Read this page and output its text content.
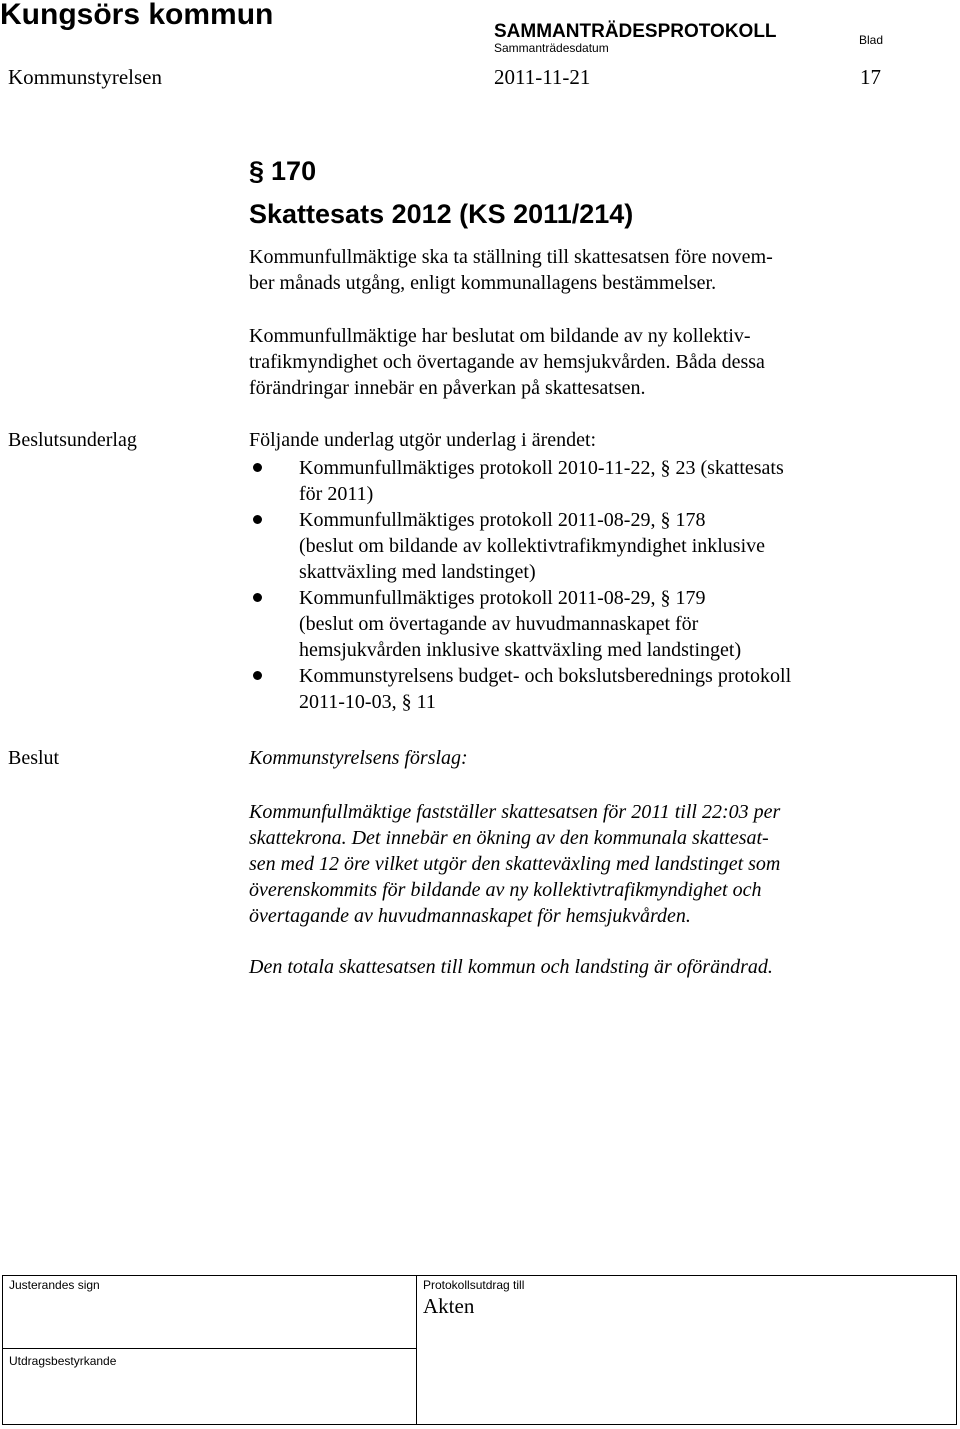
Kungsörs kommun
SAMMANTRÄDESPROTOKOLL
Sammanträdesdatum
Blad
Kommunstyrelsen	2011-11-21	17
§ 170
Skattesats 2012 (KS 2011/214)
Kommunfullmäktige ska ta ställning till skattesatsen före novem-
ber månads utgång, enligt kommunallagens bestämmelser.
Kommunfullmäktige har beslutat om bildande av ny kollektiv-
trafikmyndighet och övertagande av hemsjukvården. Båda dessa
förändringar innebär en påverkan på skattesatsen.
Beslutsunderlag	Följande underlag utgör underlag i ärendet:
Kommunfullmäktiges protokoll 2010-11-22, § 23 (skattesats
för 2011)
Kommunfullmäktiges protokoll 2011-08-29, § 178
(beslut om bildande av kollektivtrafikmyndighet inklusive
skattväxling med landstinget)
Kommunfullmäktiges protokoll 2011-08-29, § 179
(beslut om övertagande av huvudmannaskapet för
hemsjukvården inklusive skattväxling med landstinget)
Kommunstyrelsens budget- och bokslutsberednings protokoll
2011-10-03, § 11
Beslut	Kommunstyrelsens förslag:
Kommunfullmäktige fastställer skattesatsen för 2011 till 22:03 per
skattekrona. Det innebär en ökning av den kommunala skattesat-
sen med 12 öre vilket utgör den skatteväxling med landstinget som
överenskommits för bildande av ny kollektivtrafikmyndighet och
övertagande av huvudmannaskapet för hemsjukvården.
Den totala skattesatsen till kommun och landsting är oförändrad.
Justerandes sign	Protokollsutdrag till
Akten
Utdragsbestyrkande
